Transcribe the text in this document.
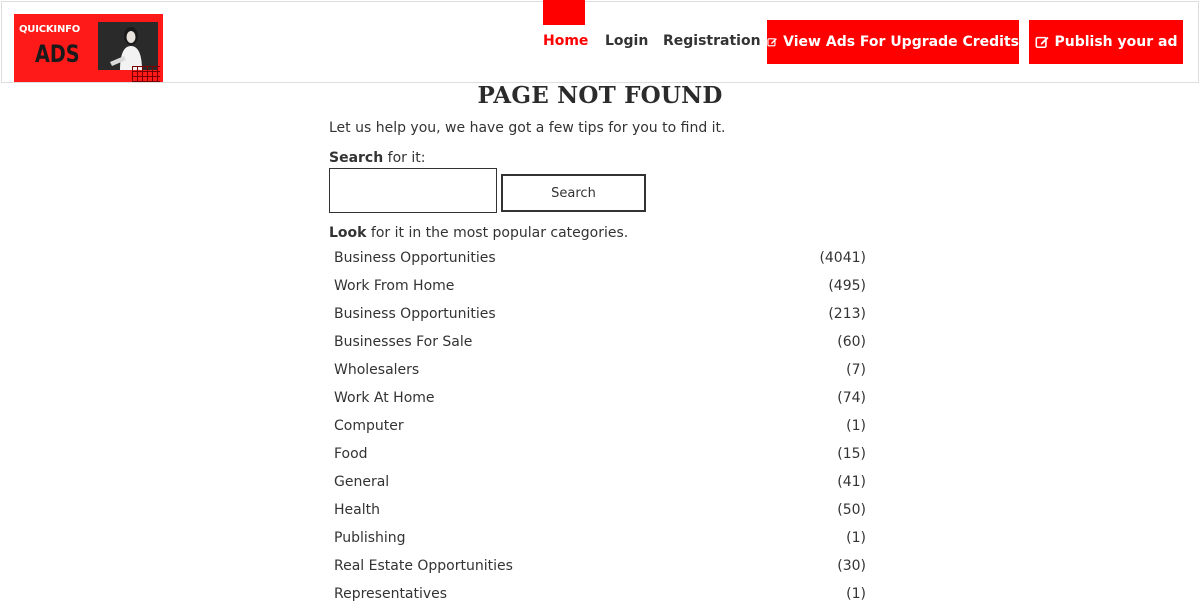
QUICKINFO
ADS	Home Login Registration View Ads For Upgrade Credits	Publish your ad
PAGE NOT FOUND
Let us help you, we have got a few tips for you to find it.
Search for it:
Search
Look for it in the most popular categories.
Business Opportunities	(4041)
Work From Home	(495)
Business Opportunities	(213)
Businesses For Sale	(60)
Wholesalers	(7)
Work At Home	(74)
Computer	(1)
Food	(15)
General	(41)
Health	(50)
Publishing	(1)
Real Estate Opportunities	(30)
Representatives	(1)
